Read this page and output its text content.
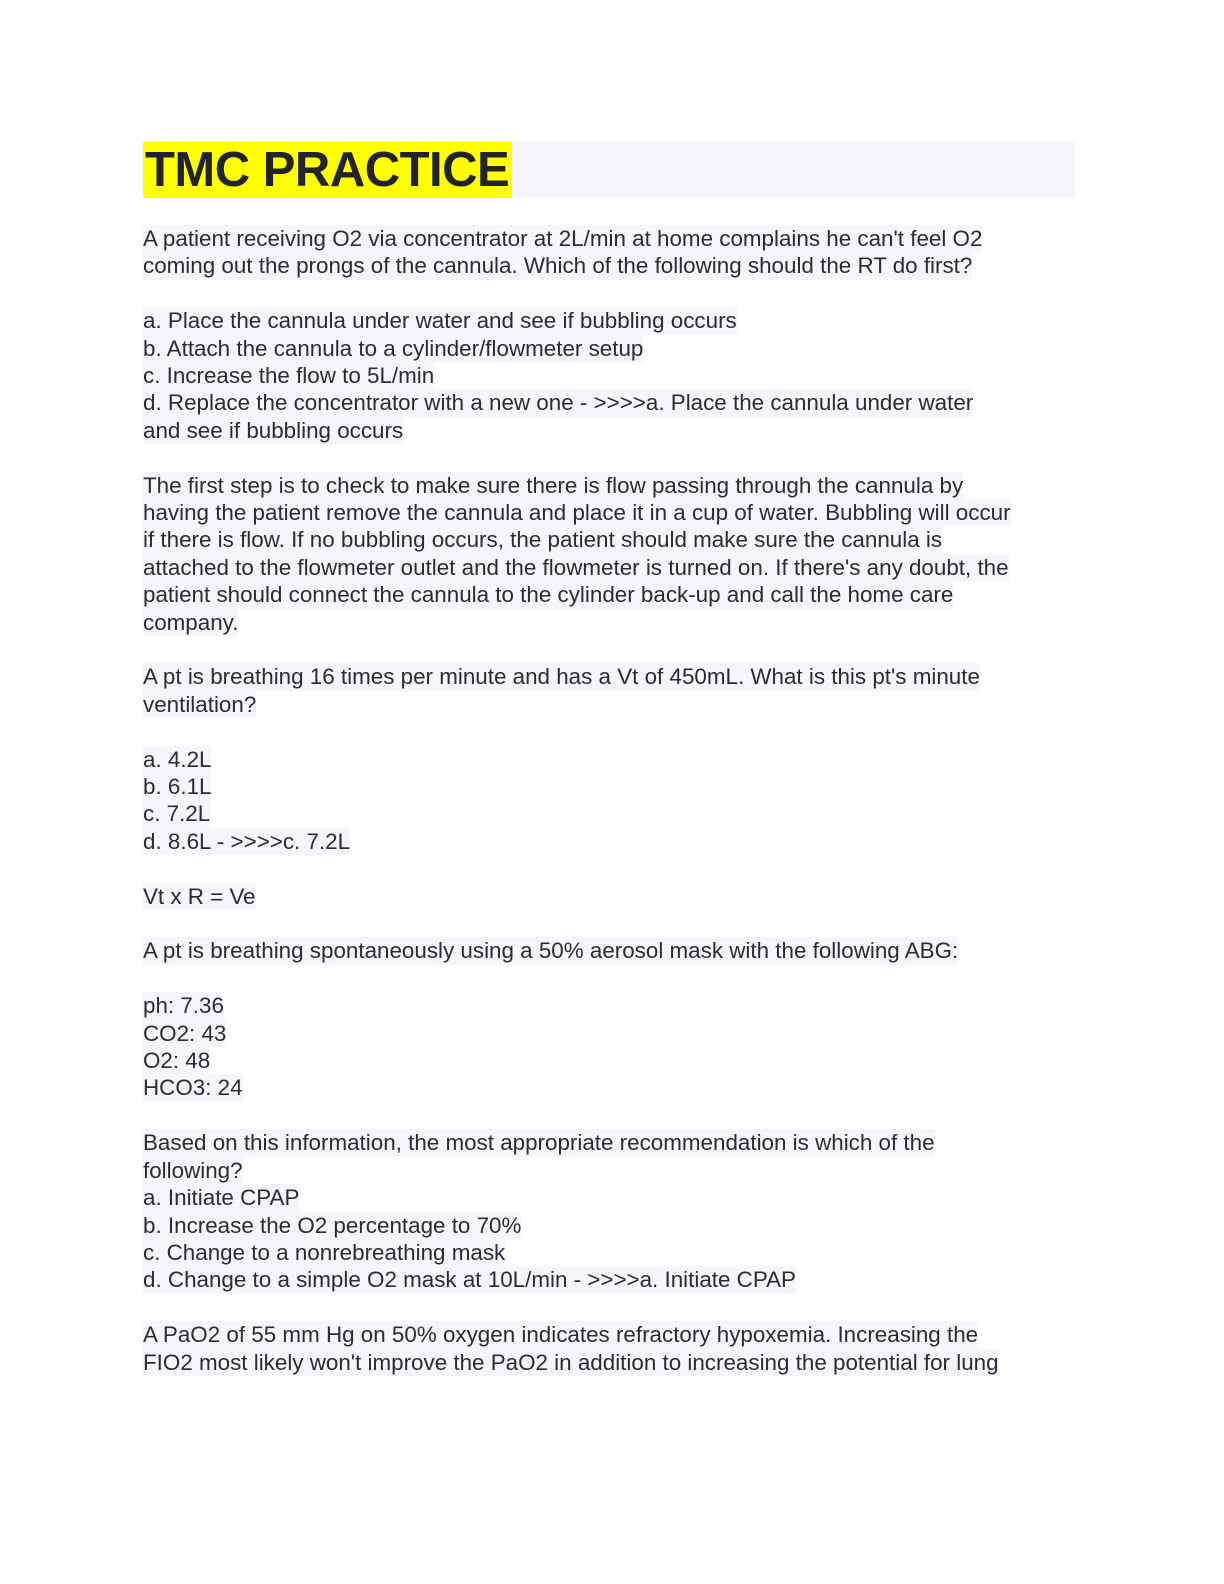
TMC PRACTICE
A patient receiving O2 via concentrator at 2L/min at home complains he can't feel O2
coming out the prongs of the cannula. Which of the following should the RT do first?
a. Place the cannula under water and see if bubbling occurs
b. Attach the cannula to a cylinder/flowmeter setup
c. Increase the flow to 5L/min
d. Replace the concentrator with a new one - >>>>a. Place the cannula under water
and see if bubbling occurs
The first step is to check to make sure there is flow passing through the cannula by
having the patient remove the cannula and place it in a cup of water. Bubbling will occur
if there is flow. If no bubbling occurs, the patient should make sure the cannula is
attached to the flowmeter outlet and the flowmeter is turned on. If there's any doubt, the
patient should connect the cannula to the cylinder back-up and call the home care
company.
A pt is breathing 16 times per minute and has a Vt of 450mL. What is this pt's minute
ventilation?
a. 4.2L
b. 6.1L
c. 7.2L
d. 8.6L - >>>>c. 7.2L
Vt x R = Ve
A pt is breathing spontaneously using a 50% aerosol mask with the following ABG:
ph: 7.36
CO2: 43
O2: 48
HCO3: 24
Based on this information, the most appropriate recommendation is which of the
following?
a. Initiate CPAP
b. Increase the O2 percentage to 70%
c. Change to a nonrebreathing mask
d. Change to a simple O2 mask at 10L/min - >>>>a. Initiate CPAP
A PaO2 of 55 mm Hg on 50% oxygen indicates refractory hypoxemia. Increasing the
FIO2 most likely won't improve the PaO2 in addition to increasing the potential for lung
